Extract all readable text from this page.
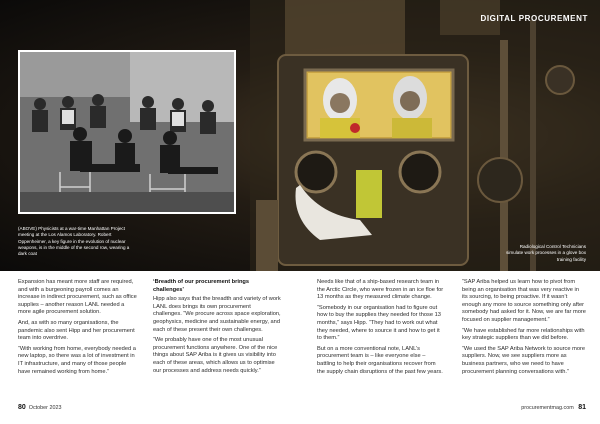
DIGITAL PROCUREMENT
(ABOVE) Physicists at a war-time Manhattan Project meeting at the Los Alamos Laboratory. Robert Oppenheimer, a key figure in the evolution of nuclear weapons, is in the middle of the second row, wearing a dark coat
Radiological Control Technicians simulate work processes in a glove box training facility

Expansion has meant more staff are required, and with a burgeoning payroll comes an increase in indirect procurement, such as office supplies – another reason LANL needed a more agile procurement solution.

And, as with so many organisations, the pandemic also sent Hipp and her procurement team into overdrive.

“With working from home, everybody needed a new laptop, so there was a lot of investment in IT infrastructure, and many of those people have remained working from home.”

‘Breadth of our procurement brings challenges’

Hipp also says that the breadth and variety of work LANL does brings its own procurement challenges. “We procure across space exploration, geophysics, medicine and sustainable energy, and each of these present their own challenges.

“We probably have one of the most unusual procurement functions anywhere. One of the nice things about SAP Ariba is it gives us visibility into each of these areas, which allows us to optimise our processes and address needs quickly.”

Needs like that of a ship-based research team in the Arctic Circle, who were frozen in an ice floe for 13 months as they measured climate change.

“Somebody in our organisation had to figure out how to buy the supplies they needed for those 13 months,” says Hipp. “They had to work out what they needed, where to source it and how to get it to them.”

But on a more conventional note, LANL’s procurement team is – like everyone else – battling to help their organisations recover from the supply chain disruptions of the past few years.

“SAP Ariba helped us learn how to pivot from being an organisation that was very reactive in its sourcing, to being proactive. If it wasn’t enough any more to source something only after somebody had asked for it. Now, we are far more focused on supplier management.”

“We have established far more relationships with key strategic suppliers than we did before.

“We used the SAP Ariba Network to source more suppliers. Now, we see suppliers more as business partners, who we need to have procurement planning conversations with.”

80 October 2023	procurementmag.com 81
